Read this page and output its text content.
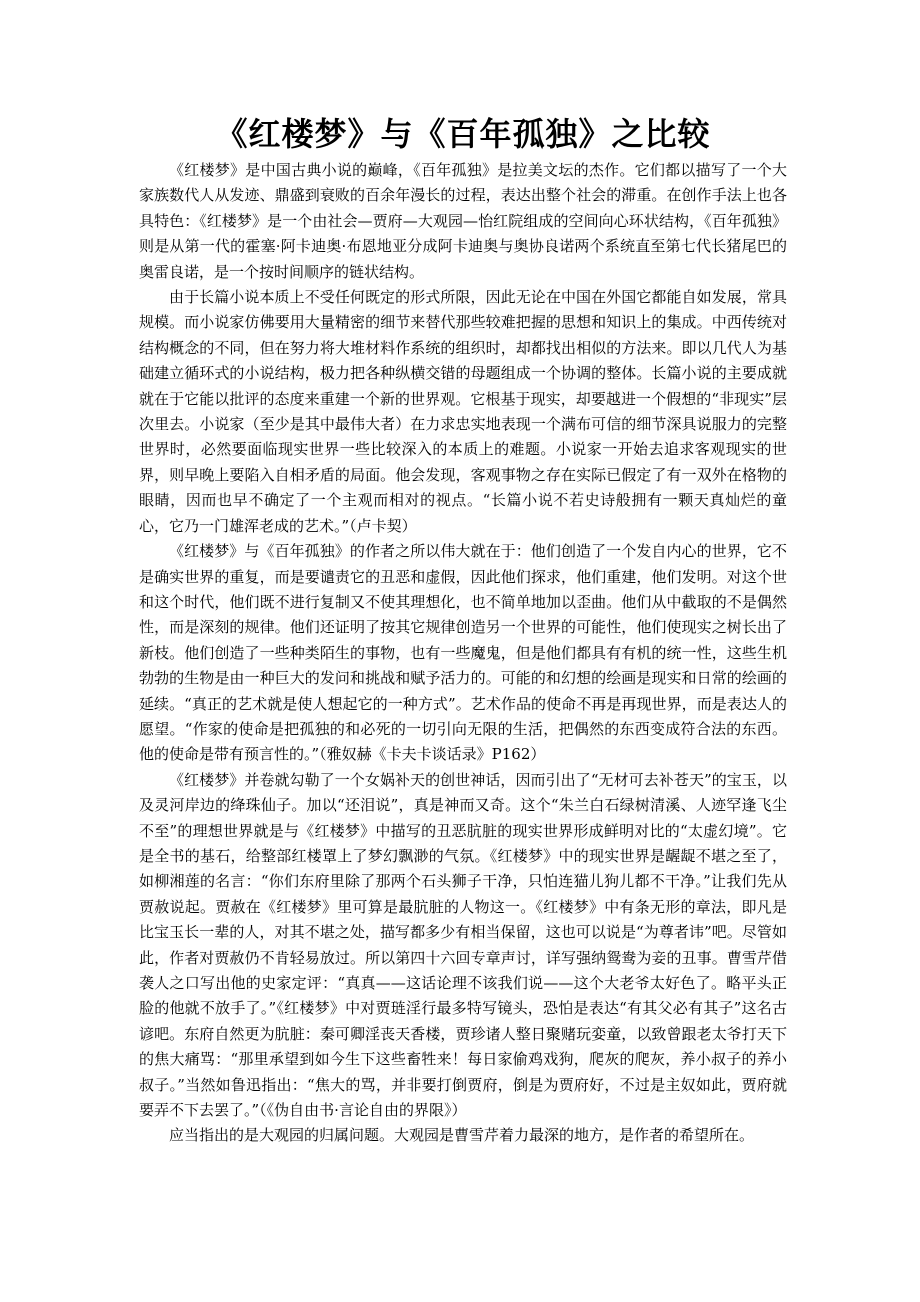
《红楼梦》与《百年孤独》之比较

《红楼梦》是中国古典小说的巅峰，《百年孤独》是拉美文坛的杰作。它们都以描写了一个大家族数代人从发迹、鼎盛到衰败的百余年漫长的过程，表达出整个社会的滞重。在创作手法上也各具特色：《红楼梦》是一个由社会—贾府—大观园—怡红院组成的空间向心环状结构，《百年孤独》则是从第一代的霍塞·阿卡迪奥·布恩地亚分成阿卡迪奥与奥协良诺两个系统直至第七代长猪尾巴的奥雷良诺，是一个按时间顺序的链状结构。

由于长篇小说本质上不受任何既定的形式所限，因此无论在中国在外国它都能自如发展，常具规模。而小说家仿佛要用大量精密的细节来替代那些较难把握的思想和知识上的集成。中西传统对结构概念的不同，但在努力将大堆材料作系统的组织时，却都找出相似的方法来。即以几代人为基础建立循环式的小说结构，极力把各种纵横交错的母题组成一个协调的整体。长篇小说的主要成就就在于它能以批评的态度来重建一个新的世界观。它根基于现实，却要越进一个假想的“非现实”层次里去。小说家（至少是其中最伟大者）在力求忠实地表现一个满布可信的细节深具说服力的完整世界时，必然要面临现实世界一些比较深入的本质上的难题。小说家一开始去追求客观现实的世界，则早晚上要陷入自相矛盾的局面。他会发现，客观事物之存在实际已假定了有一双外在格物的眼睛，因而也早不确定了一个主观而相对的视点。“长篇小说不若史诗般拥有一颗天真灿烂的童心，它乃一门雄浑老成的艺术。”（卢卡契）

《红楼梦》与《百年孤独》的作者之所以伟大就在于：他们创造了一个发自内心的世界，它不是确实世界的重复，而是要谴责它的丑恶和虚假，因此他们探求，他们重建，他们发明。对这个世和这个时代，他们既不进行复制又不使其理想化，也不简单地加以歪曲。他们从中截取的不是偶然性，而是深刻的规律。他们还证明了按其它规律创造另一个世界的可能性，他们使现实之树长出了新枝。他们创造了一些种类陌生的事物，也有一些魔鬼，但是他们都具有有机的统一性，这些生机勃勃的生物是由一种巨大的发问和挑战和赋予活力的。可能的和幻想的绘画是现实和日常的绘画的延续。“真正的艺术就是使人想起它的一种方式”。艺术作品的使命不再是再现世界，而是表达人的愿望。“作家的使命是把孤独的和必死的一切引向无限的生活，把偶然的东西变成符合法的东西。他的使命是带有预言性的。”（雅奴赫《卡夫卡谈话录》P162）

《红楼梦》并卷就勾勒了一个女娲补天的创世神话，因而引出了“无材可去补苍天”的宝玉，以及灵河岸边的绛珠仙子。加以“还泪说”，真是神而又奇。这个“朱兰白石绿树清溪、人迹罕逢飞尘不至”的理想世界就是与《红楼梦》中描写的丑恶肮脏的现实世界形成鲜明对比的“太虚幻境”。它是全书的基石，给整部红楼罩上了梦幻飘渺的气氛。《红楼梦》中的现实世界是龌龊不堪之至了，如柳湘莲的名言：“你们东府里除了那两个石头狮子干净，只怕连猫儿狗儿都不干净。”让我们先从贾赦说起。贾赦在《红楼梦》里可算是最肮脏的人物这一。《红楼梦》中有条无形的章法，即凡是比宝玉长一辈的人，对其不堪之处，描写都多少有相当保留，这也可以说是“为尊者讳”吧。尽管如此，作者对贾赦仍不肯轻易放过。所以第四十六回专章声讨，详写强纳鸳鸯为妾的丑事。曹雪芹借袭人之口写出他的史家定评：“真真——这话论理不该我们说——这个大老爷太好色了。略平头正脸的他就不放手了。”《红楼梦》中对贾琏淫行最多特写镜头，恐怕是表达“有其父必有其子”这名古谚吧。东府自然更为肮脏：秦可卿淫丧天香楼，贾珍诸人整日聚赌玩娈童，以致曾跟老太爷打天下的焦大痛骂：“那里承望到如今生下这些畜牲来！每日家偷鸡戏狗，爬灰的爬灰，养小叔子的养小叔子。”当然如鲁迅指出：“焦大的骂，并非要打倒贾府，倒是为贾府好，不过是主奴如此，贾府就要弄不下去罢了。”（《伪自由书·言论自由的界限》）

应当指出的是大观园的归属问题。大观园是曹雪芹着力最深的地方，是作者的希望所在。
